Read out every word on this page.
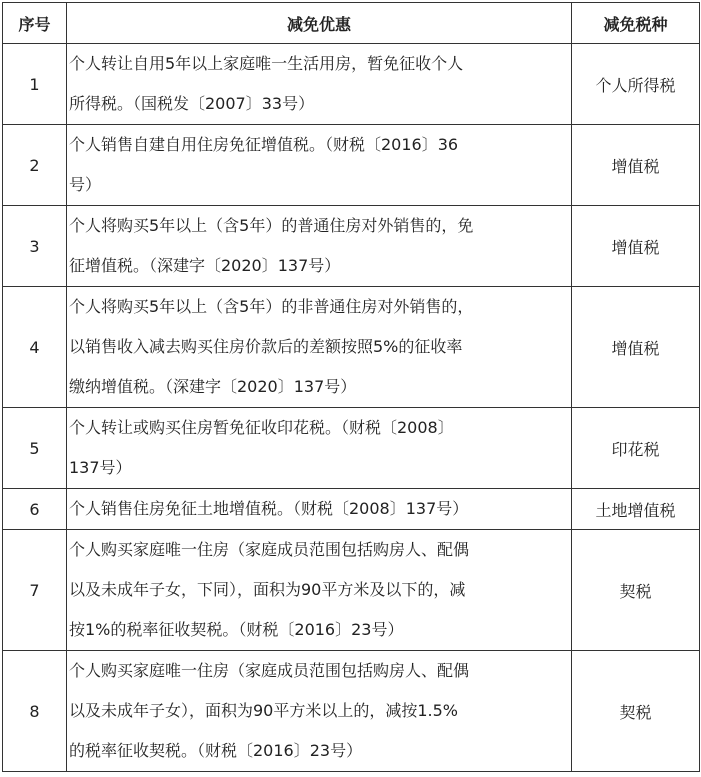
序号	减免优惠	减免税种
1	个人转让自用5年以上家庭唯一生活用房，暂免征收个人
所得税。（国税发〔2007〕33号）	个人所得税
2	个人销售自建自用住房免征增值税。（财税〔2016〕36
号）	增值税
3	个人将购买5年以上（含5年）的普通住房对外销售的，免
征增值税。（深建字〔2020〕137号）	增值税
4	个人将购买5年以上（含5年）的非普通住房对外销售的，
以销售收入减去购买住房价款后的差额按照5%的征收率
缴纳增值税。（深建字〔2020〕137号）	增值税
5	个人转让或购买住房暂免征收印花税。（财税〔2008〕
137号）	印花税
6	个人销售住房免征土地增值税。（财税〔2008〕137号）	土地增值税
7	个人购买家庭唯一住房（家庭成员范围包括购房人、配偶
以及未成年子女，下同），面积为90平方米及以下的，减
按1%的税率征收契税。（财税〔2016〕23号）	契税
8	个人购买家庭唯一住房（家庭成员范围包括购房人、配偶
以及未成年子女），面积为90平方米以上的，减按1.5%
的税率征收契税。（财税〔2016〕23号）	契税
